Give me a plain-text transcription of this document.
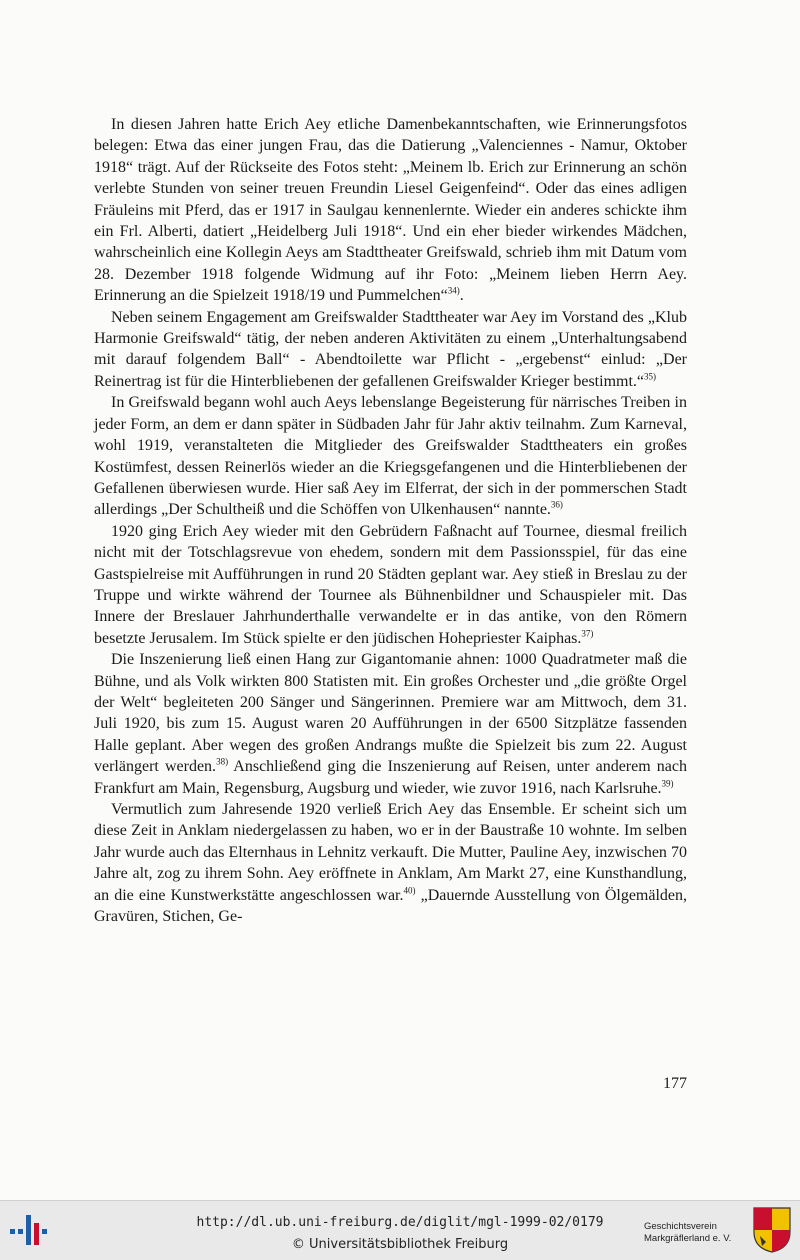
In diesen Jahren hatte Erich Aey etliche Damenbekanntschaften, wie Erinnerungsfotos belegen: Etwa das einer jungen Frau, das die Datierung „Valenciennes - Namur, Oktober 1918“ trägt. Auf der Rückseite des Fotos steht: „Meinem lb. Erich zur Erinnerung an schön verlebte Stunden von seiner treuen Freundin Liesel Geigenfeind“. Oder das eines adligen Fräuleins mit Pferd, das er 1917 in Saulgau kennenlernte. Wieder ein anderes schickte ihm ein Frl. Alberti, datiert „Heidelberg Juli 1918“. Und ein eher bieder wirkendes Mädchen, wahrscheinlich eine Kollegin Aeys am Stadttheater Greifswald, schrieb ihm mit Datum vom 28. Dezember 1918 folgende Widmung auf ihr Foto: „Meinem lieben Herrn Aey. Erinnerung an die Spielzeit 1918/19 und Pummelchen“$^{34)}$.

Neben seinem Engagement am Greifswalder Stadttheater war Aey im Vorstand des „Klub Harmonie Greifswald“ tätig, der neben anderen Aktivitäten zu einem „Unterhaltungsabend mit darauf folgendem Ball“ - Abendtoilette war Pflicht - „ergebenst“ einlud: „Der Reinertrag ist für die Hinterbliebenen der gefallenen Greifswalder Krieger bestimmt.“$^{35)}$

In Greifswald begann wohl auch Aeys lebenslange Begeisterung für närrisches Treiben in jeder Form, an dem er dann später in Südbaden Jahr für Jahr aktiv teilnahm. Zum Karneval, wohl 1919, veranstalteten die Mitglieder des Greifswalder Stadttheaters ein großes Kostümfest, dessen Reinerlös wieder an die Kriegsgefangenen und die Hinterbliebenen der Gefallenen überwiesen wurde. Hier saß Aey im Elferrat, der sich in der pommerschen Stadt allerdings „Der Schultheiß und die Schöffen von Ulkenhausen“ nannte.$^{36)}$

1920 ging Erich Aey wieder mit den Gebrüdern Faßnacht auf Tournee, diesmal freilich nicht mit der Totschlagsrevue von ehedem, sondern mit dem Passionsspiel, für das eine Gastspielreise mit Aufführungen in rund 20 Städten geplant war. Aey stieß in Breslau zu der Truppe und wirkte während der Tournee als Bühnenbildner und Schauspieler mit. Das Innere der Breslauer Jahrhunderthalle verwandelte er in das antike, von den Römern besetzte Jerusalem. Im Stück spielte er den jüdischen Hohepriester Kaiphas.$^{37)}$

Die Inszenierung ließ einen Hang zur Gigantomanie ahnen: 1000 Quadratmeter maß die Bühne, und als Volk wirkten 800 Statisten mit. Ein großes Orchester und „die größte Orgel der Welt“ begleiteten 200 Sänger und Sängerinnen. Premiere war am Mittwoch, dem 31. Juli 1920, bis zum 15. August waren 20 Aufführungen in der 6500 Sitzplätze fassenden Halle geplant. Aber wegen des großen Andrangs mußte die Spielzeit bis zum 22. August verlängert werden.$^{38)}$ Anschließend ging die Inszenierung auf Reisen, unter anderem nach Frankfurt am Main, Regensburg, Augsburg und wieder, wie zuvor 1916, nach Karlsruhe.$^{39)}$

Vermutlich zum Jahresende 1920 verließ Erich Aey das Ensemble. Er scheint sich um diese Zeit in Anklam niedergelassen zu haben, wo er in der Baustraße 10 wohnte. Im selben Jahr wurde auch das Elternhaus in Lehnitz verkauft. Die Mutter, Pauline Aey, inzwischen 70 Jahre alt, zog zu ihrem Sohn. Aey eröffnete in Anklam, Am Markt 27, eine Kunsthandlung, an die eine Kunstwerkstätte angeschlossen war.$^{40)}$ „Dauernde Ausstellung von Ölgemälden, Gravüren, Stichen, Ge-

177
http://dl.ub.uni-freiburg.de/diglit/mgl-1999-02/0179
© Universitätsbibliothek Freiburg
Geschichtsverein
Markgräflerland e. V.
